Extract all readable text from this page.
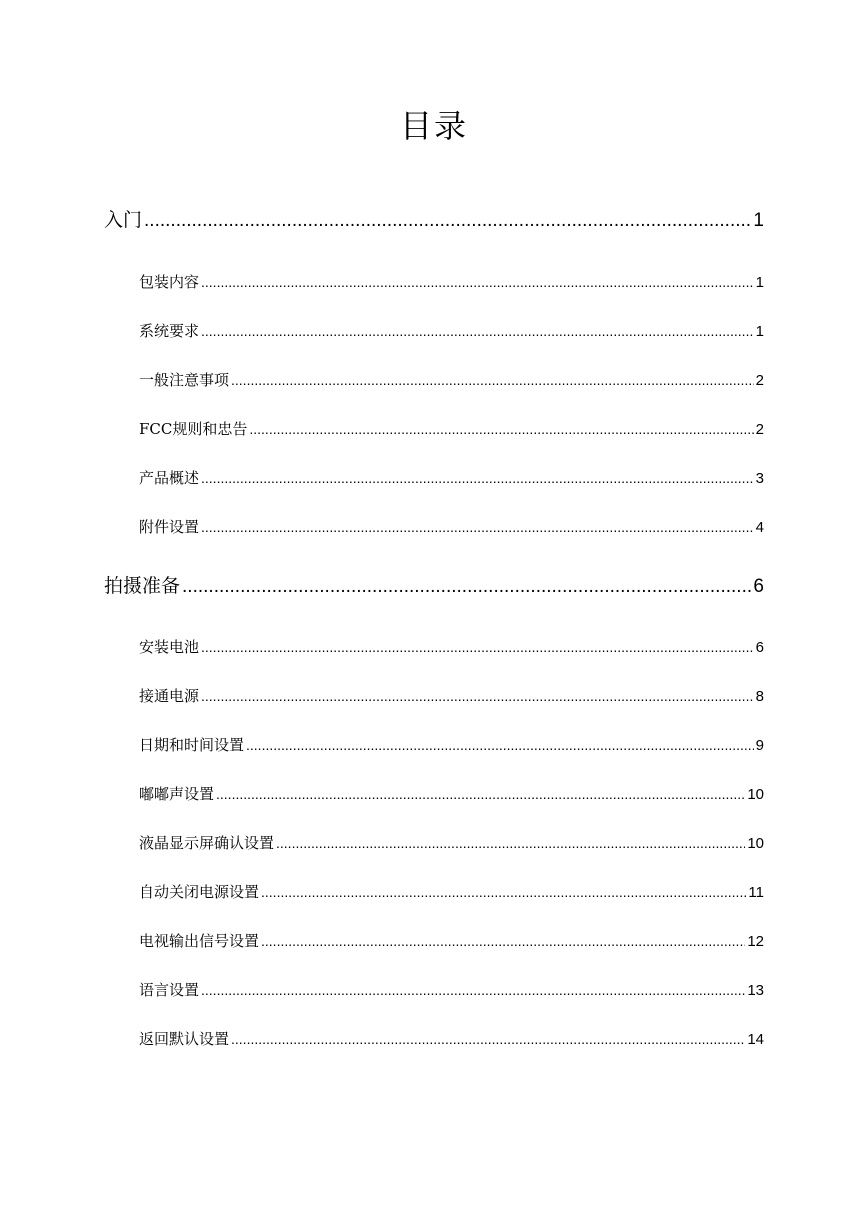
目录
入门 .....	1
包装内容 .....	1
系统要求 .....	1
一般注意事项 .....	2
FCC规则和忠告 .....	2
产品概述 .....	3
附件设置 .....	4
拍摄准备 .....	6
安装电池 .....	6
接通电源 .....	8
日期和时间设置 .....	9
嘟嘟声设置 .....	10
液晶显示屏确认设置 .....	10
自动关闭电源设置 .....	11
电视输出信号设置 .....	12
语言设置 .....	13
返回默认设置 .....	14
